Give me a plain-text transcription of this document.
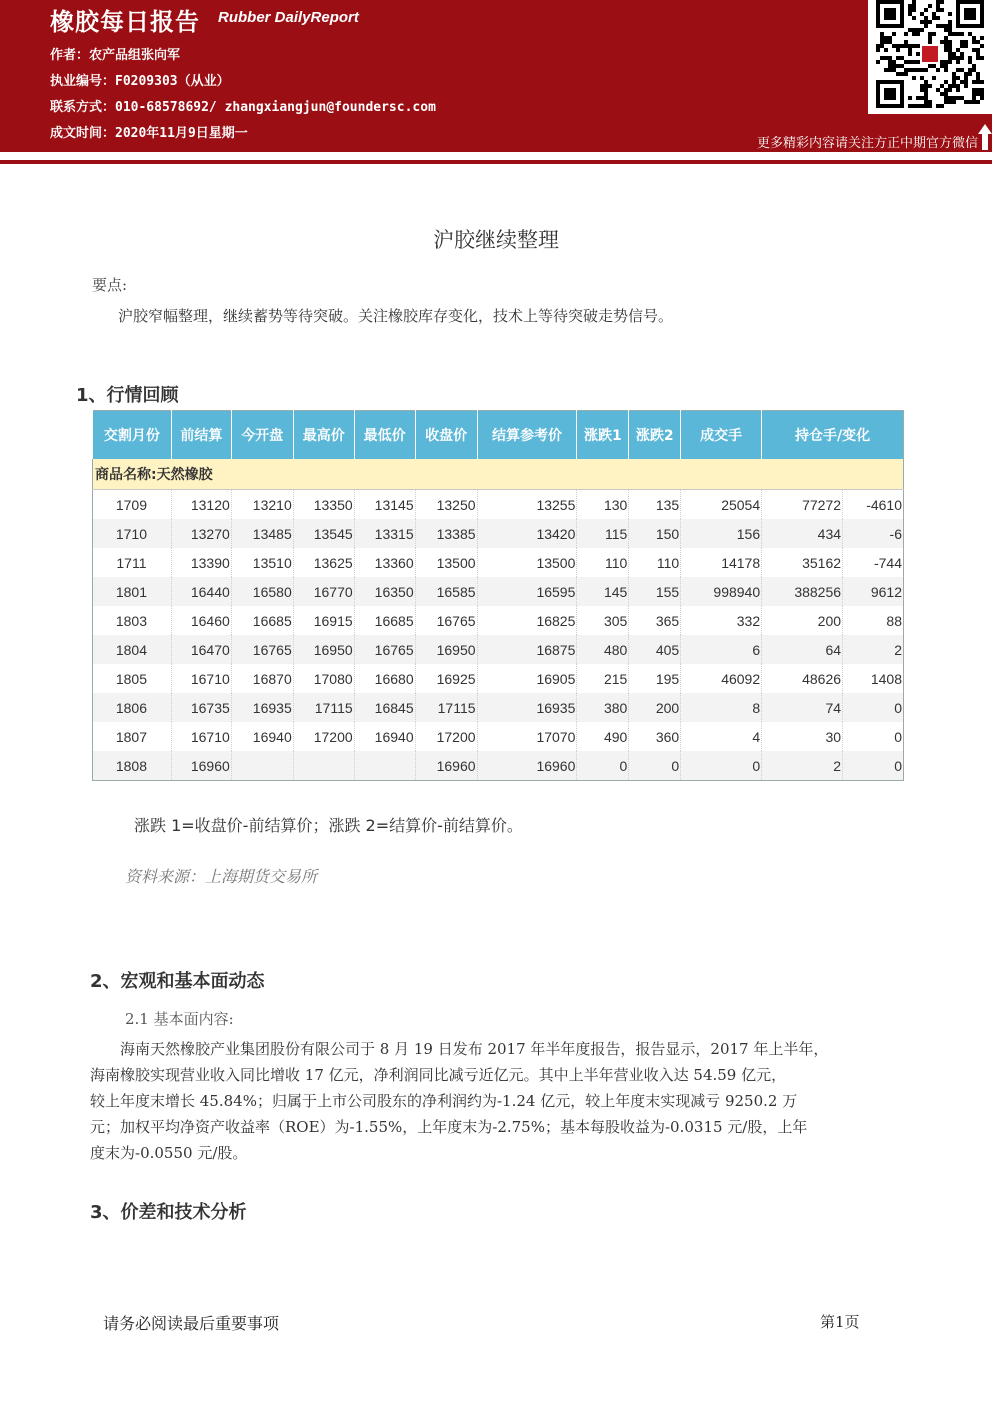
橡胶每日报告 Rubber DailyReport
作者：农产品组张向军
执业编号：F0209303（从业）
联系方式：010-68578692/ zhangxiangjun@foundersc.com
成文时间：2020年11月9日星期一
更多精彩内容请关注方正中期官方微信
沪胶继续整理
要点:
沪胶窄幅整理，继续蓄势等待突破。关注橡胶库存变化，技术上等待突破走势信号。
1、行情回顾
交割月份	前结算	今开盘	最高价	最低价	收盘价	结算参考价	涨跌1	涨跌2	成交手	持仓手/变化	
商品名称:天然橡胶											
1709	13120	13210	13350	13145	13250	13255	130	135	25054	77272	-4610
1710	13270	13485	13545	13315	13385	13420	115	150	156	434	-6
1711	13390	13510	13625	13360	13500	13500	110	110	14178	35162	-744
1801	16440	16580	16770	16350	16585	16595	145	155	998940	388256	9612
1803	16460	16685	16915	16685	16765	16825	305	365	332	200	88
1804	16470	16765	16950	16765	16950	16875	480	405	6	64	2
1805	16710	16870	17080	16680	16925	16905	215	195	46092	48626	1408
1806	16735	16935	17115	16845	17115	16935	380	200	8	74	0
1807	16710	16940	17200	16940	17200	17070	490	360	4	30	0
1808	16960				16960	16960	0	0	0	2	0
涨跌 1=收盘价-前结算价；涨跌 2=结算价-前结算价。
资料来源：上海期货交易所
2、宏观和基本面动态
2.1 基本面内容:
　　海南天然橡胶产业集团股份有限公司于 8 月 19 日发布 2017 年半年度报告，报告显示，2017 年上半年，
海南橡胶实现营业收入同比增收 17 亿元，净利润同比减亏近亿元。其中上半年营业收入达 54.59 亿元，
较上年度末增长 45.84%；归属于上市公司股东的净利润约为-1.24 亿元，较上年度末实现减亏 9250.2 万
元；加权平均净资产收益率（ROE）为-1.55%，上年度末为-2.75%；基本每股收益为-0.0315 元/股，上年
度末为-0.0550 元/股。
3、价差和技术分析
请务必阅读最后重要事项	第1页
